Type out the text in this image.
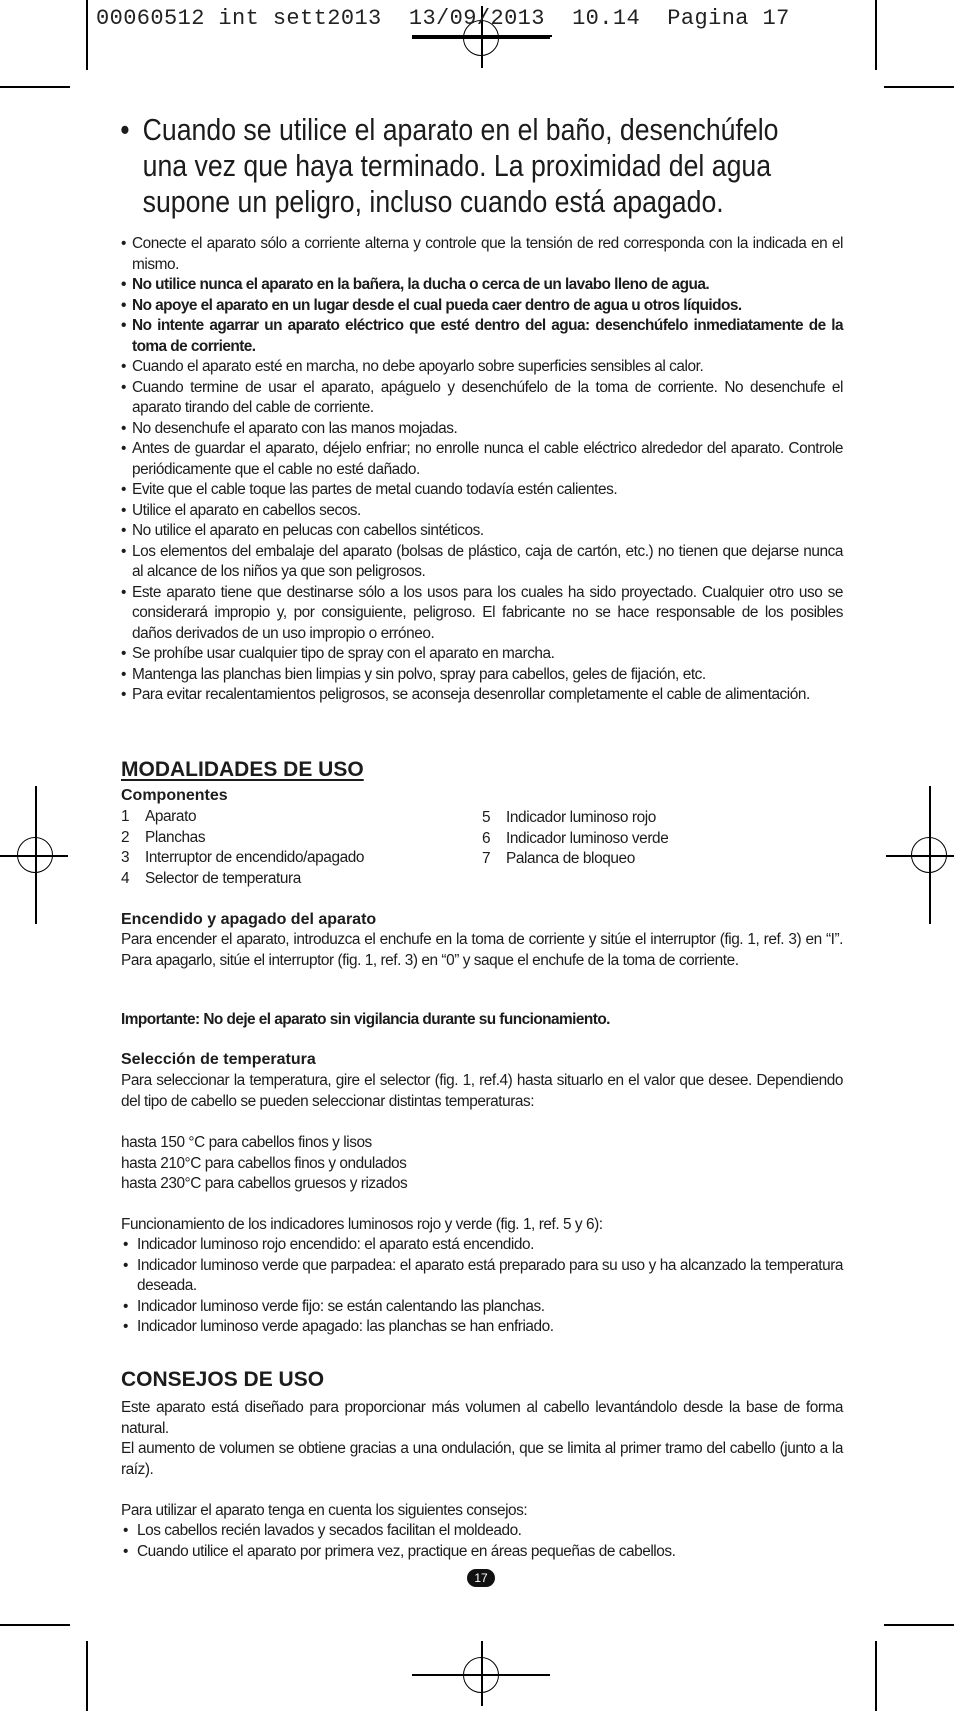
00060512 int sett2013  13/09/2013  10.14  Pagina 17
• Cuando se utilice el aparato en el baño, desenchúfelo
una vez que haya terminado. La proximidad del agua
supone un peligro, incluso cuando está apagado.
• Conecte el aparato sólo a corriente alterna y controle que la tensión de red corresponda con la indicada en el mismo.
• No utilice nunca el aparato en la bañera, la ducha o cerca de un lavabo lleno de agua.
• No apoye el aparato en un lugar desde el cual pueda caer dentro de agua u otros líquidos.
• No intente agarrar un aparato eléctrico que esté dentro del agua: desenchúfelo inmediatamente de la toma de corriente.
• Cuando el aparato esté en marcha, no debe apoyarlo sobre superficies sensibles al calor.
• Cuando termine de usar el aparato, apáguelo y desenchúfelo de la toma de corriente. No desenchufe el aparato tirando del cable de corriente.
• No desenchufe el aparato con las manos mojadas.
• Antes de guardar el aparato, déjelo enfriar; no enrolle nunca el cable eléctrico alrededor del aparato. Controle periódicamente que el cable no esté dañado.
• Evite que el cable toque las partes de metal cuando todavía estén calientes.
• Utilice el aparato en cabellos secos.
• No utilice el aparato en pelucas con cabellos sintéticos.
• Los elementos del embalaje del aparato (bolsas de plástico, caja de cartón, etc.) no tienen que dejarse nunca al alcance de los niños ya que son peligrosos.
• Este aparato tiene que destinarse sólo a los usos para los cuales ha sido proyectado. Cualquier otro uso se considerará impropio y, por consiguiente, peligroso. El fabricante no se hace responsable de los posibles daños derivados de un uso impropio o erróneo.
• Se prohíbe usar cualquier tipo de spray con el aparato en marcha.
• Mantenga las planchas bien limpias y sin polvo, spray para cabellos, geles de fijación, etc.
• Para evitar recalentamientos peligrosos, se aconseja desenrollar completamente el cable de alimentación.
MODALIDADES DE USO
Componentes
1 Aparato
2 Planchas
3 Interruptor de encendido/apagado
4 Selector de temperatura
5 Indicador luminoso rojo
6 Indicador luminoso verde
7 Palanca de bloqueo
Encendido y apagado del aparato
Para encender el aparato, introduzca el enchufe en la toma de corriente y sitúe el interruptor (fig. 1, ref. 3) en “I”. Para apagarlo, sitúe el interruptor (fig. 1, ref. 3) en “0” y saque el enchufe de la toma de corriente.
Importante: No deje el aparato sin vigilancia durante su funcionamiento.
Selección de temperatura
Para seleccionar la temperatura, gire el selector (fig. 1, ref.4) hasta situarlo en el valor que desee. Dependiendo del tipo de cabello se pueden seleccionar distintas temperaturas:
hasta 150 °C para cabellos finos y lisos
hasta 210°C para cabellos finos y ondulados
hasta 230°C para cabellos gruesos y rizados
Funcionamiento de los indicadores luminosos rojo y verde (fig. 1, ref. 5 y 6):
• Indicador luminoso rojo encendido: el aparato está encendido.
• Indicador luminoso verde que parpadea: el aparato está preparado para su uso y ha alcanzado la temperatura deseada.
• Indicador luminoso verde fijo: se están calentando las planchas.
• Indicador luminoso verde apagado: las planchas se han enfriado.
CONSEJOS DE USO
Este aparato está diseñado para proporcionar más volumen al cabello levantándolo desde la base de forma natural.
El aumento de volumen se obtiene gracias a una ondulación, que se limita al primer tramo del cabello (junto a la raíz).
Para utilizar el aparato tenga en cuenta los siguientes consejos:
• Los cabellos recién lavados y secados facilitan el moldeado.
• Cuando utilice el aparato por primera vez, practique en áreas pequeñas de cabellos.
17
